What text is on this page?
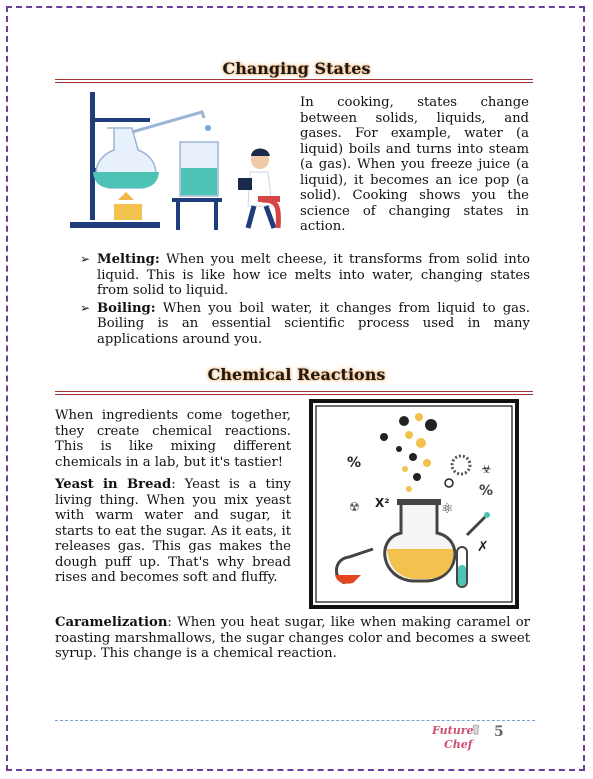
Changing States
In cooking, states change between solids, liquids, and gases. For example, water (a liquid) boils and turns into steam (a gas). When you freeze juice (a liquid), it becomes an ice pop (a solid). Cooking shows you the science of changing states in action.
➢ Melting: When you melt cheese, it transforms from solid into liquid. This is like how ice melts into water, changing states from solid to liquid.
➢ Boiling: When you boil water, it changes from liquid to gas. Boiling is an essential scientific process used in many applications around you.
Chemical Reactions
When ingredients come together, they create chemical reactions. This is like mixing different chemicals in a lab, but it's tastier!
Yeast in Bread: Yeast is a tiny living thing. When you mix yeast with warm water and sugar, it starts to eat the sugar. As it eats, it releases gas. This gas makes the dough puff up. That's why bread rises and becomes soft and fluffy.
%
%
X²
☢
☣
⚛
✗
Caramelization: When you heat sugar, like when making caramel or roasting marshmallows, the sugar changes color and becomes a sweet syrup. This change is a chemical reaction.
Future
Chef
5
